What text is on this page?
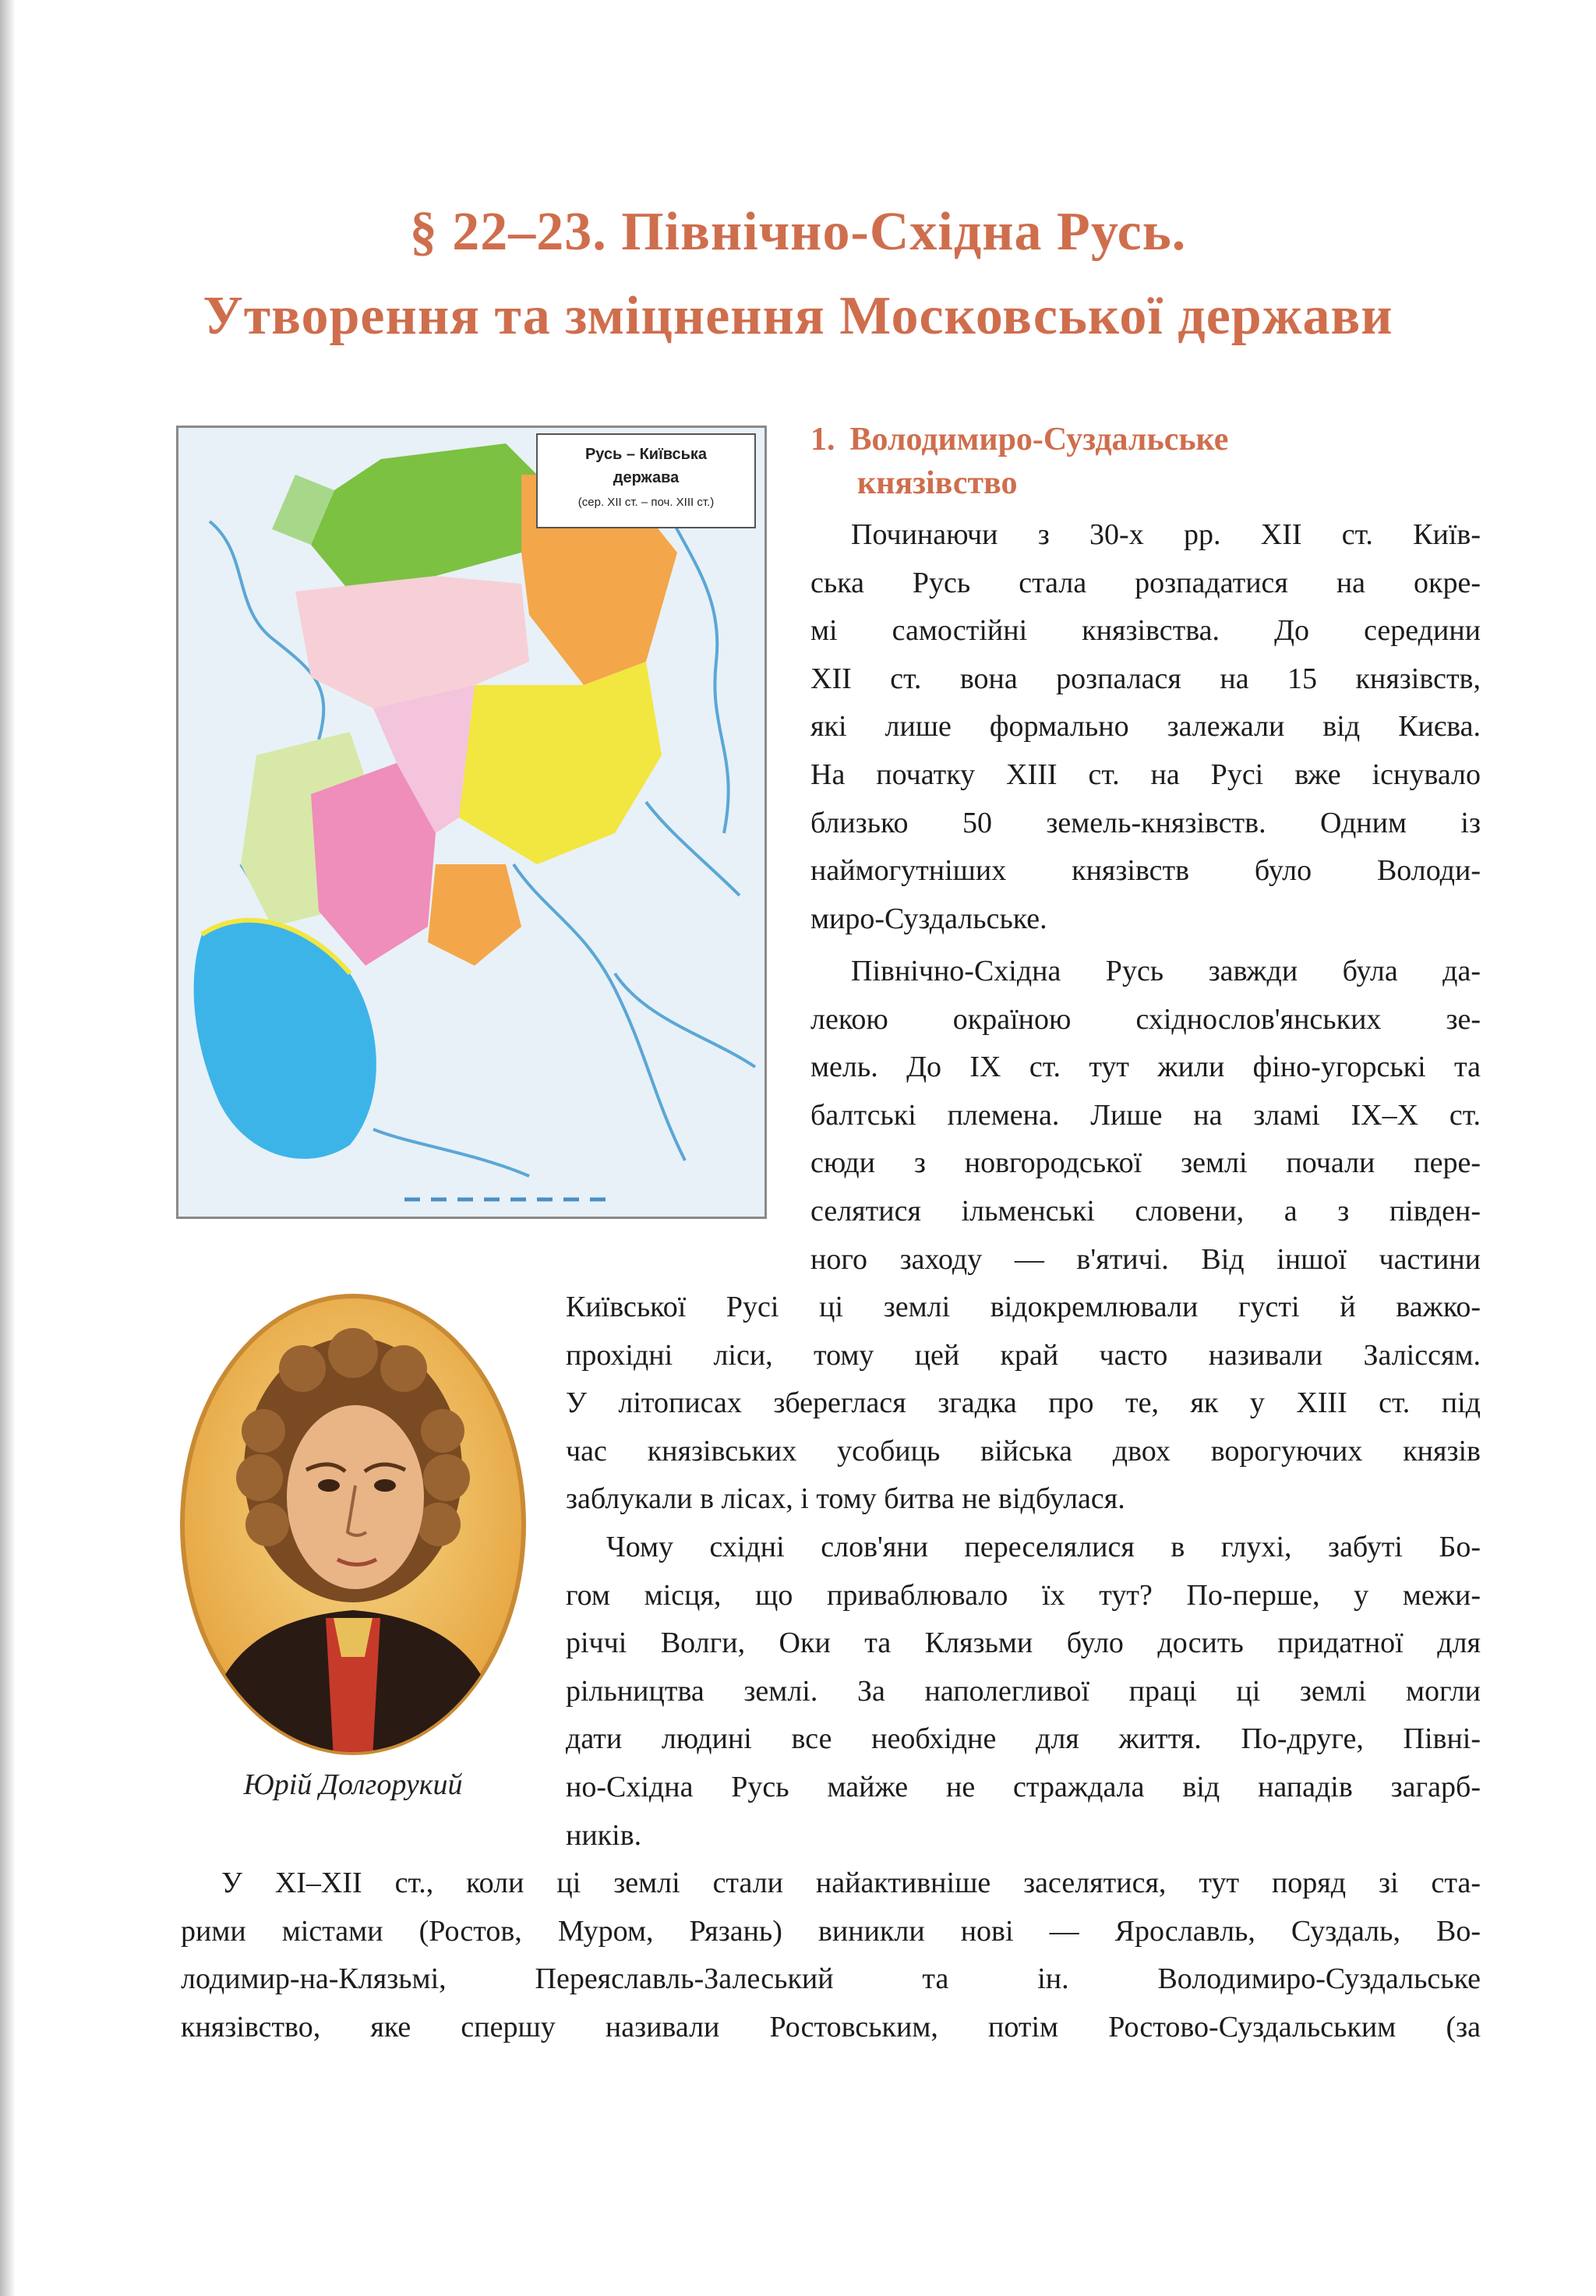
§ 22–23. Північно-Східна Русь.
Утворення та зміцнення Московської держави
Русь – Київська
держава
(сер. XII ст. – поч. XIII ст.)
Юрій Долгорукий
1. Володимиро-Суздальське
князівство
Починаючи з 30-х рр. XII ст. Київ-
ська Русь стала розпадатися на окре-
мі самостійні князівства. До середини
XII ст. вона розпалася на 15 князівств,
які лише формально залежали від Києва.
На початку XIII ст. на Русі вже існувало
близько 50 земель-князівств. Одним із
наймогутніших князівств було Володи-
миро-Суздальське.
Північно-Східна Русь завжди була да-
лекою окраїною східнослов'янських зе-
мель. До IX ст. тут жили фіно-угорські та
балтські племена. Лише на зламі IX–X ст.
сюди з новгородської землі почали пере-
селятися ільменські словени, а з півден-
ного заходу — в'ятичі. Від іншої частини
Київської Русі ці землі відокремлювали густі й важко-
прохідні ліси, тому цей край часто називали Заліссям.
У літописах збереглася згадка про те, як у XIII ст. під
час князівських усобиць війська двох ворогуючих князів
заблукали в лісах, і тому битва не відбулася.
Чому східні слов'яни переселялися в глухі, забуті Бо-
гом місця, що приваблювало їх тут? По-перше, у межи-
річчі Волги, Оки та Клязьми було досить придатної для
рільництва землі. За наполегливої праці ці землі могли
дати людині все необхідне для життя. По-друге, Півні-
но-Східна Русь майже не страждала від нападів загарб-
ників.
У XI–XII ст., коли ці землі стали найактивніше заселятися, тут поряд зі ста-
рими містами (Ростов, Муром, Рязань) виникли нові — Ярославль, Суздаль, Во-
лодимир-на-Клязьмі, Переяславль-Залеський та ін. Володимиро-Суздальське
князівство, яке спершу називали Ростовським, потім Ростово-Суздальським (за
